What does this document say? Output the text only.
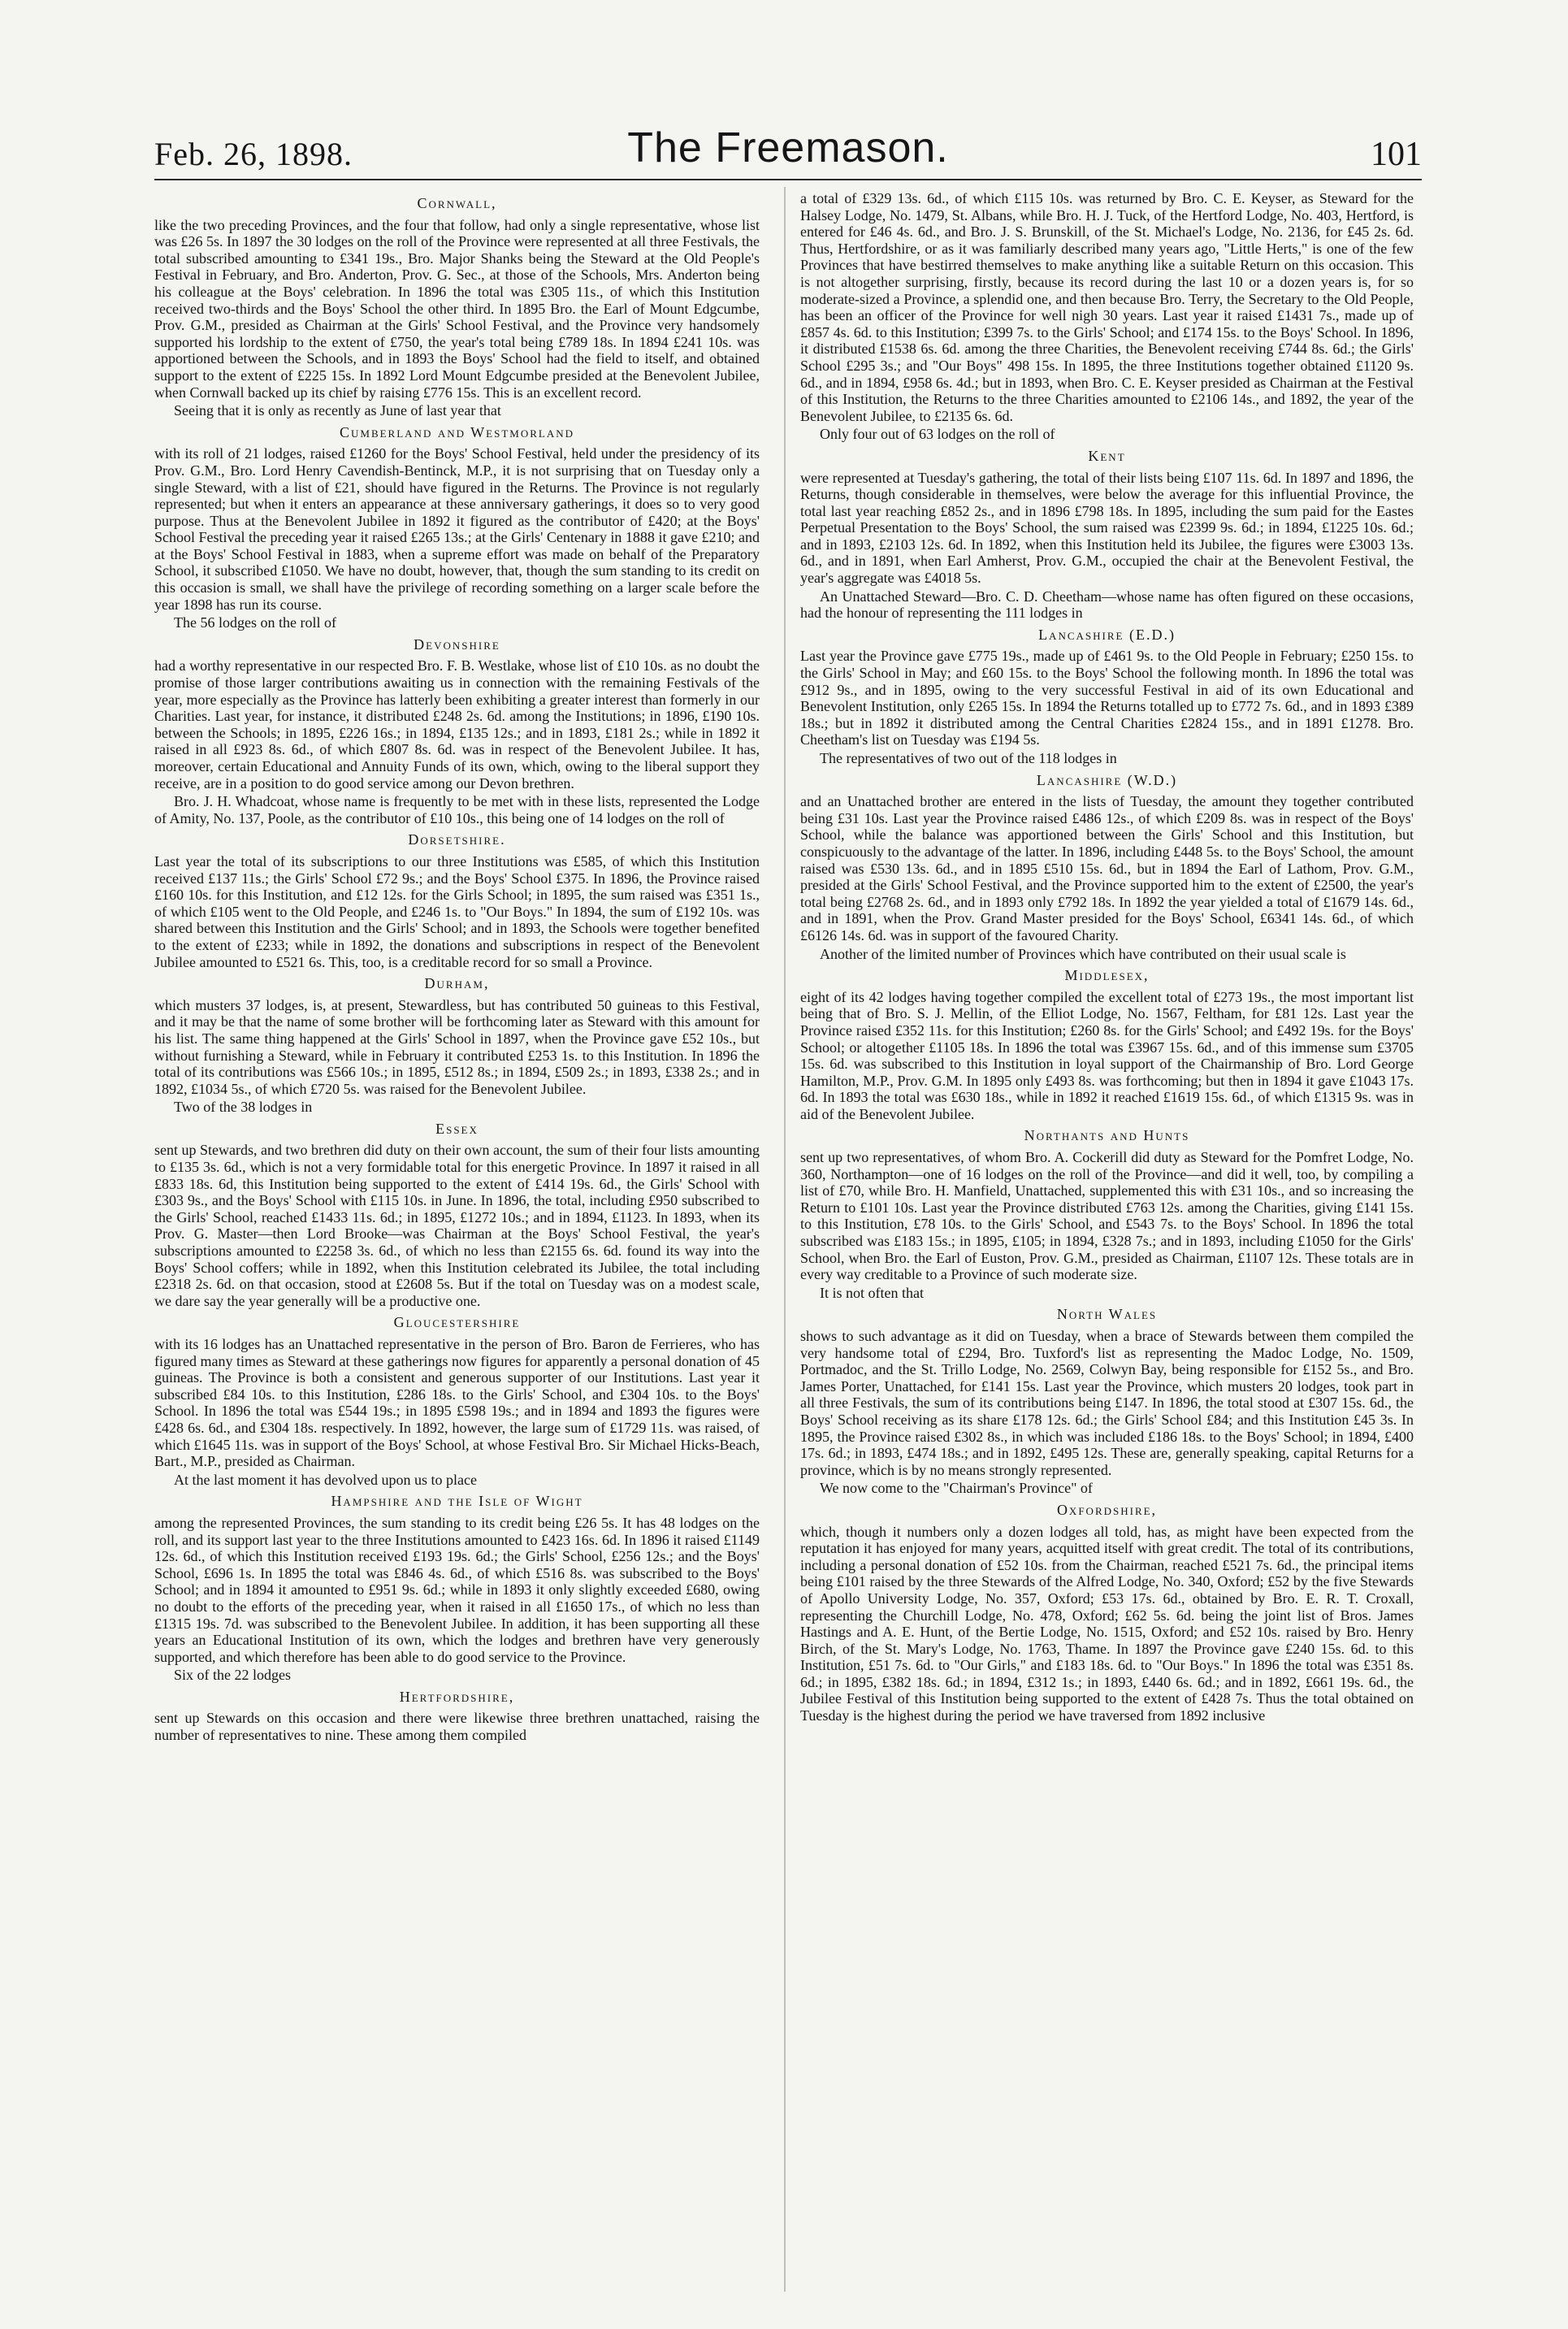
Feb. 26, 1898.	The Freemason.	101
Cornwall,

like the two preceding Provinces, and the four that follow, had only a single representative, whose list was £26 5s. In 1897 the 30 lodges on the roll of the Province were represented at all three Festivals, the total subscribed amounting to £341 19s., Bro. Major Shanks being the Steward at the Old People's Festival in February, and Bro. Anderton, Prov. G. Sec., at those of the Schools, Mrs. Anderton being his colleague at the Boys' celebration. In 1896 the total was £305 11s., of which this Institution received two-thirds and the Boys' School the other third. In 1895 Bro. the Earl of Mount Edgcumbe, Prov. G.M., presided as Chairman at the Girls' School Festival, and the Province very handsomely supported his lordship to the extent of £750, the year's total being £789 18s. In 1894 £241 10s. was apportioned between the Schools, and in 1893 the Boys' School had the field to itself, and obtained support to the extent of £225 15s. In 1892 Lord Mount Edgcumbe presided at the Benevolent Jubilee, when Cornwall backed up its chief by raising £776 15s. This is an excellent record.

Seeing that it is only as recently as June of last year that

Cumberland and Westmorland

with its roll of 21 lodges, raised £1260 for the Boys' School Festival, held under the presidency of its Prov. G.M., Bro. Lord Henry Cavendish-Bentinck, M.P., it is not surprising that on Tuesday only a single Steward, with a list of £21, should have figured in the Returns. The Province is not regularly represented; but when it enters an appearance at these anniversary gatherings, it does so to very good purpose. Thus at the Benevolent Jubilee in 1892 it figured as the contributor of £420; at the Boys' School Festival the preceding year it raised £265 13s.; at the Girls' Centenary in 1888 it gave £210; and at the Boys' School Festival in 1883, when a supreme effort was made on behalf of the Preparatory School, it subscribed £1050. We have no doubt, however, that, though the sum standing to its credit on this occasion is small, we shall have the privilege of recording something on a larger scale before the year 1898 has run its course.

The 56 lodges on the roll of

Devonshire

had a worthy representative in our respected Bro. F. B. Westlake, whose list of £10 10s. as no doubt the promise of those larger contributions awaiting us in connection with the remaining Festivals of the year, more especially as the Province has latterly been exhibiting a greater interest than formerly in our Charities. Last year, for instance, it distributed £248 2s. 6d. among the Institutions; in 1896, £190 10s. between the Schools; in 1895, £226 16s.; in 1894, £135 12s.; and in 1893, £181 2s.; while in 1892 it raised in all £923 8s. 6d., of which £807 8s. 6d. was in respect of the Benevolent Jubilee. It has, moreover, certain Educational and Annuity Funds of its own, which, owing to the liberal support they receive, are in a position to do good service among our Devon brethren.

Bro. J. H. Whadcoat, whose name is frequently to be met with in these lists, represented the Lodge of Amity, No. 137, Poole, as the contributor of £10 10s., this being one of 14 lodges on the roll of

Dorsetshire.

Last year the total of its subscriptions to our three Institutions was £585, of which this Institution received £137 11s.; the Girls' School £72 9s.; and the Boys' School £375. In 1896, the Province raised £160 10s. for this Institution, and £12 12s. for the Girls School; in 1895, the sum raised was £351 1s., of which £105 went to the Old People, and £246 1s. to "Our Boys." In 1894, the sum of £192 10s. was shared between this Institution and the Girls' School; and in 1893, the Schools were together benefited to the extent of £233; while in 1892, the donations and subscriptions in respect of the Benevolent Jubilee amounted to £521 6s. This, too, is a creditable record for so small a Province.

Durham,

which musters 37 lodges, is, at present, Stewardless, but has contributed 50 guineas to this Festival, and it may be that the name of some brother will be forthcoming later as Steward with this amount for his list. The same thing happened at the Girls' School in 1897, when the Province gave £52 10s., but without furnishing a Steward, while in February it contributed £253 1s. to this Institution. In 1896 the total of its contributions was £566 10s.; in 1895, £512 8s.; in 1894, £509 2s.; in 1893, £338 2s.; and in 1892, £1034 5s., of which £720 5s. was raised for the Benevolent Jubilee.

Two of the 38 lodges in

Essex

sent up Stewards, and two brethren did duty on their own account, the sum of their four lists amounting to £135 3s. 6d., which is not a very formidable total for this energetic Province. In 1897 it raised in all £833 18s. 6d, this Institution being supported to the extent of £414 19s. 6d., the Girls' School with £303 9s., and the Boys' School with £115 10s. in June. In 1896, the total, including £950 subscribed to the Girls' School, reached £1433 11s. 6d.; in 1895, £1272 10s.; and in 1894, £1123. In 1893, when its Prov. G. Master—then Lord Brooke—was Chairman at the Boys' School Festival, the year's subscriptions amounted to £2258 3s. 6d., of which no less than £2155 6s. 6d. found its way into the Boys' School coffers; while in 1892, when this Institution celebrated its Jubilee, the total including £2318 2s. 6d. on that occasion, stood at £2608 5s. But if the total on Tuesday was on a modest scale, we dare say the year generally will be a productive one.

Gloucestershire

with its 16 lodges has an Unattached representative in the person of Bro. Baron de Ferrieres, who has figured many times as Steward at these gatherings now figures for apparently a personal donation of 45 guineas. The Province is both a consistent and generous supporter of our Institutions. Last year it subscribed £84 10s. to this Institution, £286 18s. to the Girls' School, and £304 10s. to the Boys' School. In 1896 the total was £544 19s.; in 1895 £598 19s.; and in 1894 and 1893 the figures were £428 6s. 6d., and £304 18s. respectively. In 1892, however, the large sum of £1729 11s. was raised, of which £1645 11s. was in support of the Boys' School, at whose Festival Bro. Sir Michael Hicks-Beach, Bart., M.P., presided as Chairman.

At the last moment it has devolved upon us to place

Hampshire and the Isle of Wight

among the represented Provinces, the sum standing to its credit being £26 5s. It has 48 lodges on the roll, and its support last year to the three Institutions amounted to £423 16s. 6d. In 1896 it raised £1149 12s. 6d., of which this Institution received £193 19s. 6d.; the Girls' School, £256 12s.; and the Boys' School, £696 1s. In 1895 the total was £846 4s. 6d., of which £516 8s. was subscribed to the Boys' School; and in 1894 it amounted to £951 9s. 6d.; while in 1893 it only slightly exceeded £680, owing no doubt to the efforts of the preceding year, when it raised in all £1650 17s., of which no less than £1315 19s. 7d. was subscribed to the Benevolent Jubilee. In addition, it has been supporting all these years an Educational Institution of its own, which the lodges and brethren have very generously supported, and which therefore has been able to do good service to the Province.

Six of the 22 lodges

Hertfordshire,

sent up Stewards on this occasion and there were likewise three brethren unattached, raising the number of representatives to nine. These among them compiled

a total of £329 13s. 6d., of which £115 10s. was returned by Bro. C. E. Keyser, as Steward for the Halsey Lodge, No. 1479, St. Albans, while Bro. H. J. Tuck, of the Hertford Lodge, No. 403, Hertford, is entered for £46 4s. 6d., and Bro. J. S. Brunskill, of the St. Michael's Lodge, No. 2136, for £45 2s. 6d. Thus, Hertfordshire, or as it was familiarly described many years ago, "Little Herts," is one of the few Provinces that have bestirred themselves to make anything like a suitable Return on this occasion. This is not altogether surprising, firstly, because its record during the last 10 or a dozen years is, for so moderate-sized a Province, a splendid one, and then because Bro. Terry, the Secretary to the Old People, has been an officer of the Province for well nigh 30 years. Last year it raised £1431 7s., made up of £857 4s. 6d. to this Institution; £399 7s. to the Girls' School; and £174 15s. to the Boys' School. In 1896, it distributed £1538 6s. 6d. among the three Charities, the Benevolent receiving £744 8s. 6d.; the Girls' School £295 3s.; and "Our Boys" 498 15s. In 1895, the three Institutions together obtained £1120 9s. 6d., and in 1894, £958 6s. 4d.; but in 1893, when Bro. C. E. Keyser presided as Chairman at the Festival of this Institution, the Returns to the three Charities amounted to £2106 14s., and 1892, the year of the Benevolent Jubilee, to £2135 6s. 6d.

Only four out of 63 lodges on the roll of

Kent

were represented at Tuesday's gathering, the total of their lists being £107 11s. 6d. In 1897 and 1896, the Returns, though considerable in themselves, were below the average for this influential Province, the total last year reaching £852 2s., and in 1896 £798 18s. In 1895, including the sum paid for the Eastes Perpetual Presentation to the Boys' School, the sum raised was £2399 9s. 6d.; in 1894, £1225 10s. 6d.; and in 1893, £2103 12s. 6d. In 1892, when this Institution held its Jubilee, the figures were £3003 13s. 6d., and in 1891, when Earl Amherst, Prov. G.M., occupied the chair at the Benevolent Festival, the year's aggregate was £4018 5s.

An Unattached Steward—Bro. C. D. Cheetham—whose name has often figured on these occasions, had the honour of representing the 111 lodges in

Lancashire (E.D.)

Last year the Province gave £775 19s., made up of £461 9s. to the Old People in February; £250 15s. to the Girls' School in May; and £60 15s. to the Boys' School the following month. In 1896 the total was £912 9s., and in 1895, owing to the very successful Festival in aid of its own Educational and Benevolent Institution, only £265 15s. In 1894 the Returns totalled up to £772 7s. 6d., and in 1893 £389 18s.; but in 1892 it distributed among the Central Charities £2824 15s., and in 1891 £1278. Bro. Cheetham's list on Tuesday was £194 5s.

The representatives of two out of the 118 lodges in

Lancashire (W.D.)

and an Unattached brother are entered in the lists of Tuesday, the amount they together contributed being £31 10s. Last year the Province raised £486 12s., of which £209 8s. was in respect of the Boys' School, while the balance was apportioned between the Girls' School and this Institution, but conspicuously to the advantage of the latter. In 1896, including £448 5s. to the Boys' School, the amount raised was £530 13s. 6d., and in 1895 £510 15s. 6d., but in 1894 the Earl of Lathom, Prov. G.M., presided at the Girls' School Festival, and the Province supported him to the extent of £2500, the year's total being £2768 2s. 6d., and in 1893 only £792 18s. In 1892 the year yielded a total of £1679 14s. 6d., and in 1891, when the Prov. Grand Master presided for the Boys' School, £6341 14s. 6d., of which £6126 14s. 6d. was in support of the favoured Charity.

Another of the limited number of Provinces which have contributed on their usual scale is

Middlesex,

eight of its 42 lodges having together compiled the excellent total of £273 19s., the most important list being that of Bro. S. J. Mellin, of the Elliot Lodge, No. 1567, Feltham, for £81 12s. Last year the Province raised £352 11s. for this Institution; £260 8s. for the Girls' School; and £492 19s. for the Boys' School; or altogether £1105 18s. In 1896 the total was £3967 15s. 6d., and of this immense sum £3705 15s. 6d. was subscribed to this Institution in loyal support of the Chairmanship of Bro. Lord George Hamilton, M.P., Prov. G.M. In 1895 only £493 8s. was forthcoming; but then in 1894 it gave £1043 17s. 6d. In 1893 the total was £630 18s., while in 1892 it reached £1619 15s. 6d., of which £1315 9s. was in aid of the Benevolent Jubilee.

Northants and Hunts

sent up two representatives, of whom Bro. A. Cockerill did duty as Steward for the Pomfret Lodge, No. 360, Northampton—one of 16 lodges on the roll of the Province—and did it well, too, by compiling a list of £70, while Bro. H. Manfield, Unattached, supplemented this with £31 10s., and so increasing the Return to £101 10s. Last year the Province distributed £763 12s. among the Charities, giving £141 15s. to this Institution, £78 10s. to the Girls' School, and £543 7s. to the Boys' School. In 1896 the total subscribed was £183 15s.; in 1895, £105; in 1894, £328 7s.; and in 1893, including £1050 for the Girls' School, when Bro. the Earl of Euston, Prov. G.M., presided as Chairman, £1107 12s. These totals are in every way creditable to a Province of such moderate size.

It is not often that

North Wales

shows to such advantage as it did on Tuesday, when a brace of Stewards between them compiled the very handsome total of £294, Bro. Tuxford's list as representing the Madoc Lodge, No. 1509, Portmadoc, and the St. Trillo Lodge, No. 2569, Colwyn Bay, being responsible for £152 5s., and Bro. James Porter, Unattached, for £141 15s. Last year the Province, which musters 20 lodges, took part in all three Festivals, the sum of its contributions being £147. In 1896, the total stood at £307 15s. 6d., the Boys' School receiving as its share £178 12s. 6d.; the Girls' School £84; and this Institution £45 3s. In 1895, the Province raised £302 8s., in which was included £186 18s. to the Boys' School; in 1894, £400 17s. 6d.; in 1893, £474 18s.; and in 1892, £495 12s. These are, generally speaking, capital Returns for a province, which is by no means strongly represented.

We now come to the "Chairman's Province" of

Oxfordshire,

which, though it numbers only a dozen lodges all told, has, as might have been expected from the reputation it has enjoyed for many years, acquitted itself with great credit. The total of its contributions, including a personal donation of £52 10s. from the Chairman, reached £521 7s. 6d., the principal items being £101 raised by the three Stewards of the Alfred Lodge, No. 340, Oxford; £52 by the five Stewards of Apollo University Lodge, No. 357, Oxford; £53 17s. 6d., obtained by Bro. E. R. T. Croxall, representing the Churchill Lodge, No. 478, Oxford; £62 5s. 6d. being the joint list of Bros. James Hastings and A. E. Hunt, of the Bertie Lodge, No. 1515, Oxford; and £52 10s. raised by Bro. Henry Birch, of the St. Mary's Lodge, No. 1763, Thame. In 1897 the Province gave £240 15s. 6d. to this Institution, £51 7s. 6d. to "Our Girls," and £183 18s. 6d. to "Our Boys." In 1896 the total was £351 8s. 6d.; in 1895, £382 18s. 6d.; in 1894, £312 1s.; in 1893, £440 6s. 6d.; and in 1892, £661 19s. 6d., the Jubilee Festival of this Institution being supported to the extent of £428 7s. Thus the total obtained on Tuesday is the highest during the period we have traversed from 1892 inclusive
